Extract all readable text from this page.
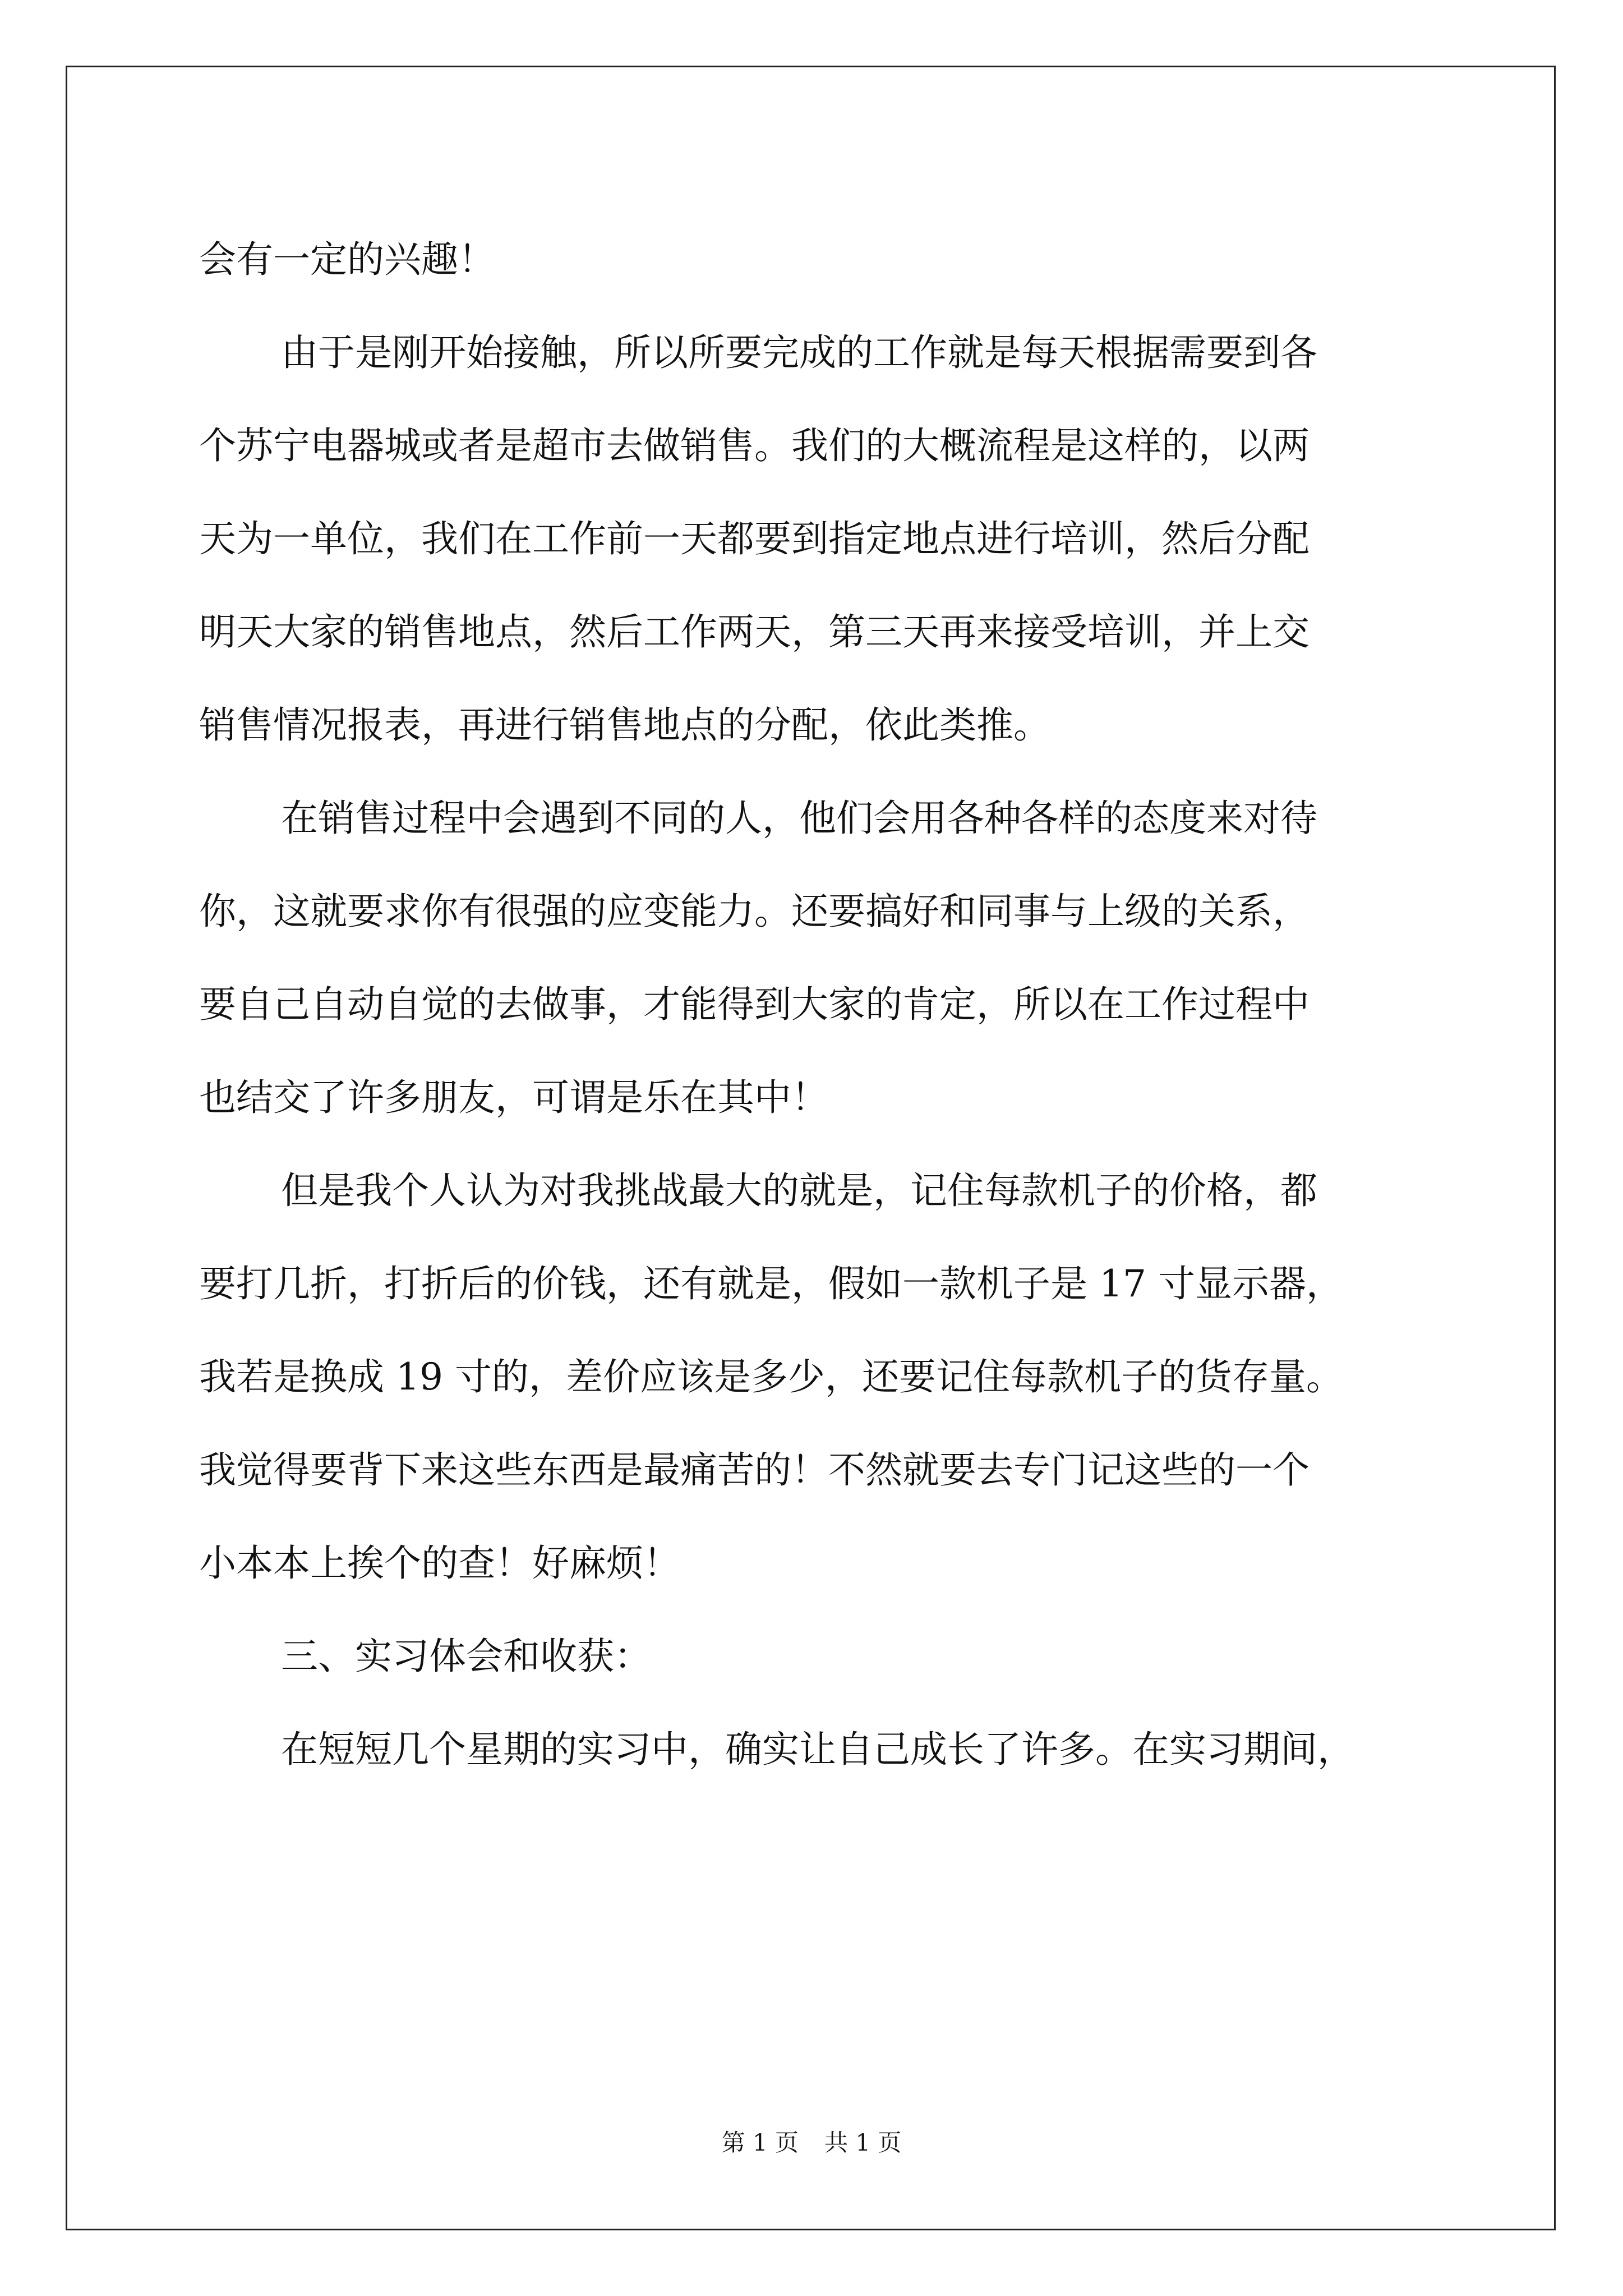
会有一定的兴趣！
由于是刚开始接触，所以所要完成的工作就是每天根据需要到各
个苏宁电器城或者是超市去做销售。我们的大概流程是这样的，以两
天为一单位，我们在工作前一天都要到指定地点进行培训，然后分配
明天大家的销售地点，然后工作两天，第三天再来接受培训，并上交
销售情况报表，再进行销售地点的分配，依此类推。
在销售过程中会遇到不同的人，他们会用各种各样的态度来对待
你，这就要求你有很强的应变能力。还要搞好和同事与上级的关系，
要自己自动自觉的去做事，才能得到大家的肯定，所以在工作过程中
也结交了许多朋友，可谓是乐在其中！
但是我个人认为对我挑战最大的就是，记住每款机子的价格，都
要打几折，打折后的价钱，还有就是，假如一款机子是 17 寸显示器，
我若是换成 19 寸的，差价应该是多少，还要记住每款机子的货存量。
我觉得要背下来这些东西是最痛苦的！不然就要去专门记这些的一个
小本本上挨个的查！好麻烦！
三、实习体会和收获：
在短短几个星期的实习中，确实让自己成长了许多。在实习期间，
第 1 页 共 1 页
